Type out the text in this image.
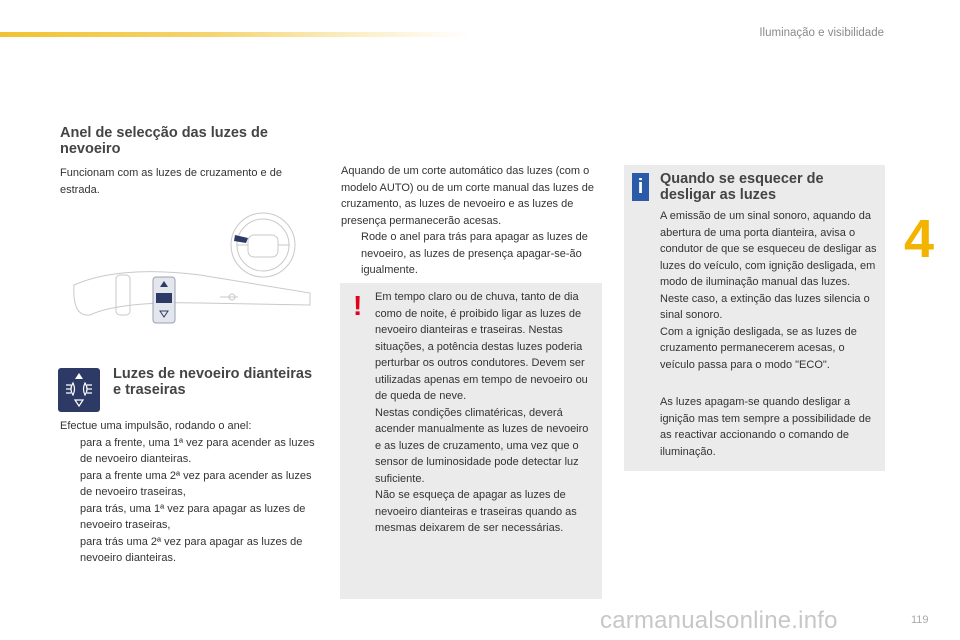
Iluminação e visibilidade
4
Anel de selecção das luzes de nevoeiro
Funcionam com as luzes de cruzamento e de estrada.
Luzes de nevoeiro dianteiras e traseiras
Efectue uma impulsão, rodando o anel:
para a frente, uma 1ª vez para acender as luzes de nevoeiro dianteiras.
para a frente uma 2ª vez para acender as luzes de nevoeiro traseiras,
para trás, uma 1ª vez para apagar as luzes de nevoeiro traseiras,
para trás uma 2ª vez para apagar as luzes de nevoeiro dianteiras.
Aquando de um corte automático das luzes (com o modelo AUTO) ou de um corte manual das luzes de cruzamento, as luzes de nevoeiro e as luzes de presença permanecerão acesas.
Rode o anel para trás para apagar as luzes de nevoeiro, as luzes de presença apagar-se-ão igualmente.
! Em tempo claro ou de chuva, tanto de dia como de noite, é proibido ligar as luzes de nevoeiro dianteiras e traseiras. Nestas situações, a potência destas luzes poderia perturbar os outros condutores. Devem ser utilizadas apenas em tempo de nevoeiro ou de queda de neve.
Nestas condições climatéricas, deverá acender manualmente as luzes de nevoeiro e as luzes de cruzamento, uma vez que o sensor de luminosidade pode detectar luz suficiente.
Não se esqueça de apagar as luzes de nevoeiro dianteiras e traseiras quando as mesmas deixarem de ser necessárias.
i	Quando se esquecer de desligar as luzes
A emissão de um sinal sonoro, aquando da abertura de uma porta dianteira, avisa o condutor de que se esqueceu de desligar as luzes do veículo, com ignição desligada, em modo de iluminação manual das luzes.
Neste caso, a extinção das luzes silencia o sinal sonoro.
Com a ignição desligada, se as luzes de cruzamento permanecerem acesas, o veículo passa para o modo "ECO".
As luzes apagam-se quando desligar a ignição mas tem sempre a possibilidade de as reactivar accionando o comando de iluminação.
119
carmanualsonline.info
